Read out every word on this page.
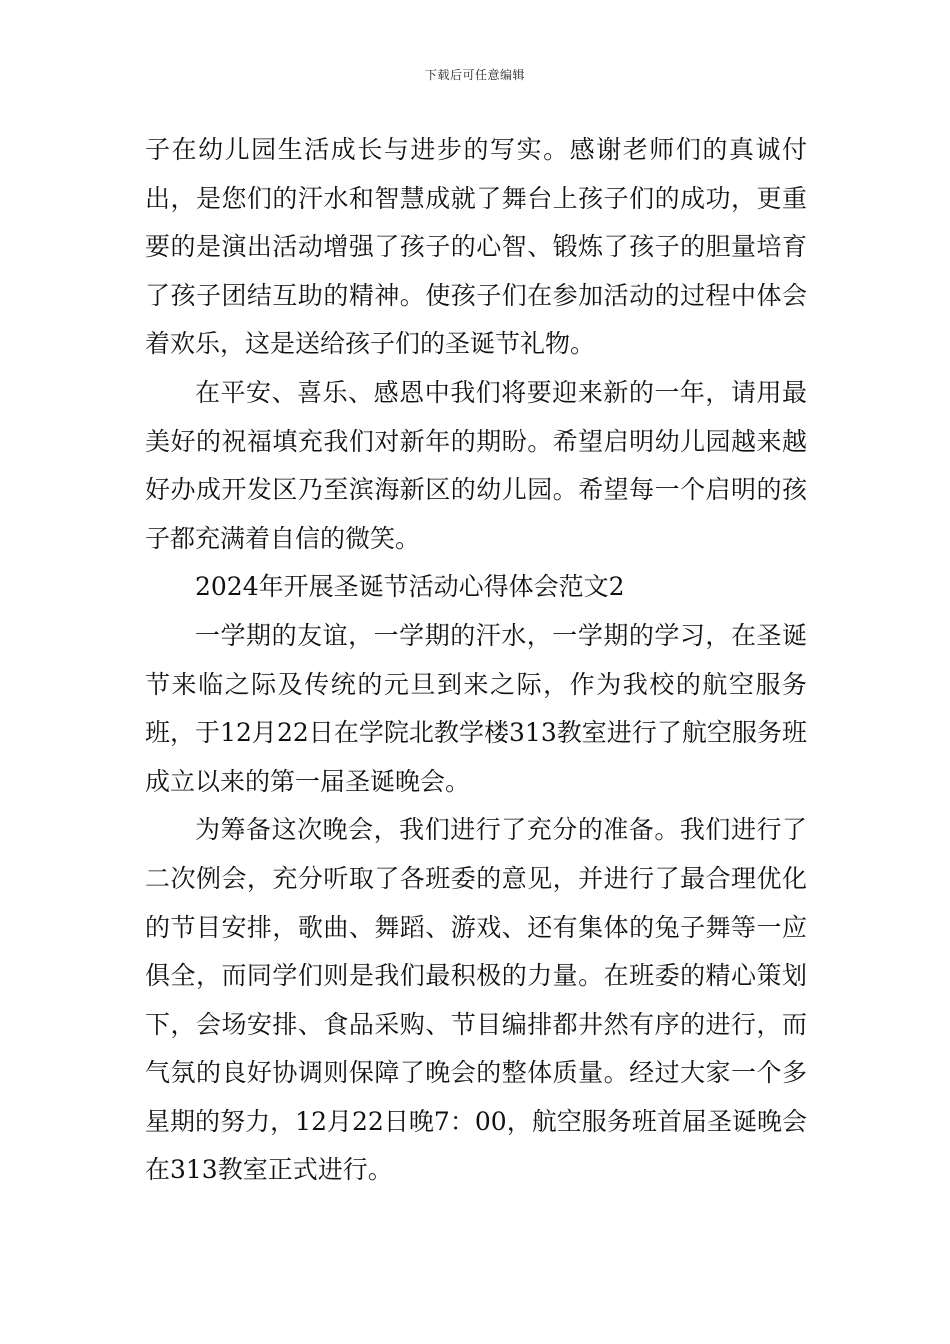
下载后可任意编辑

子在幼儿园生活成长与进步的写实。感谢老师们的真诚付出，是您们的汗水和智慧成就了舞台上孩子们的成功，更重要的是演出活动增强了孩子的心智、锻炼了孩子的胆量培育了孩子团结互助的精神。使孩子们在参加活动的过程中体会着欢乐，这是送给孩子们的圣诞节礼物。

在平安、喜乐、感恩中我们将要迎来新的一年，请用最美好的祝福填充我们对新年的期盼。希望启明幼儿园越来越好办成开发区乃至滨海新区的幼儿园。希望每一个启明的孩子都充满着自信的微笑。

2024年开展圣诞节活动心得体会范文2

一学期的友谊，一学期的汗水，一学期的学习，在圣诞节来临之际及传统的元旦到来之际，作为我校的航空服务班，于12月22日在学院北教学楼313教室进行了航空服务班成立以来的第一届圣诞晚会。

为筹备这次晚会，我们进行了充分的准备。我们进行了二次例会，充分听取了各班委的意见，并进行了最合理优化的节目安排，歌曲、舞蹈、游戏、还有集体的兔子舞等一应俱全，而同学们则是我们最积极的力量。在班委的精心策划下，会场安排、食品采购、节目编排都井然有序的进行，而气氛的良好协调则保障了晚会的整体质量。经过大家一个多星期的努力，12月22日晚7：00，航空服务班首届圣诞晚会在313教室正式进行。
